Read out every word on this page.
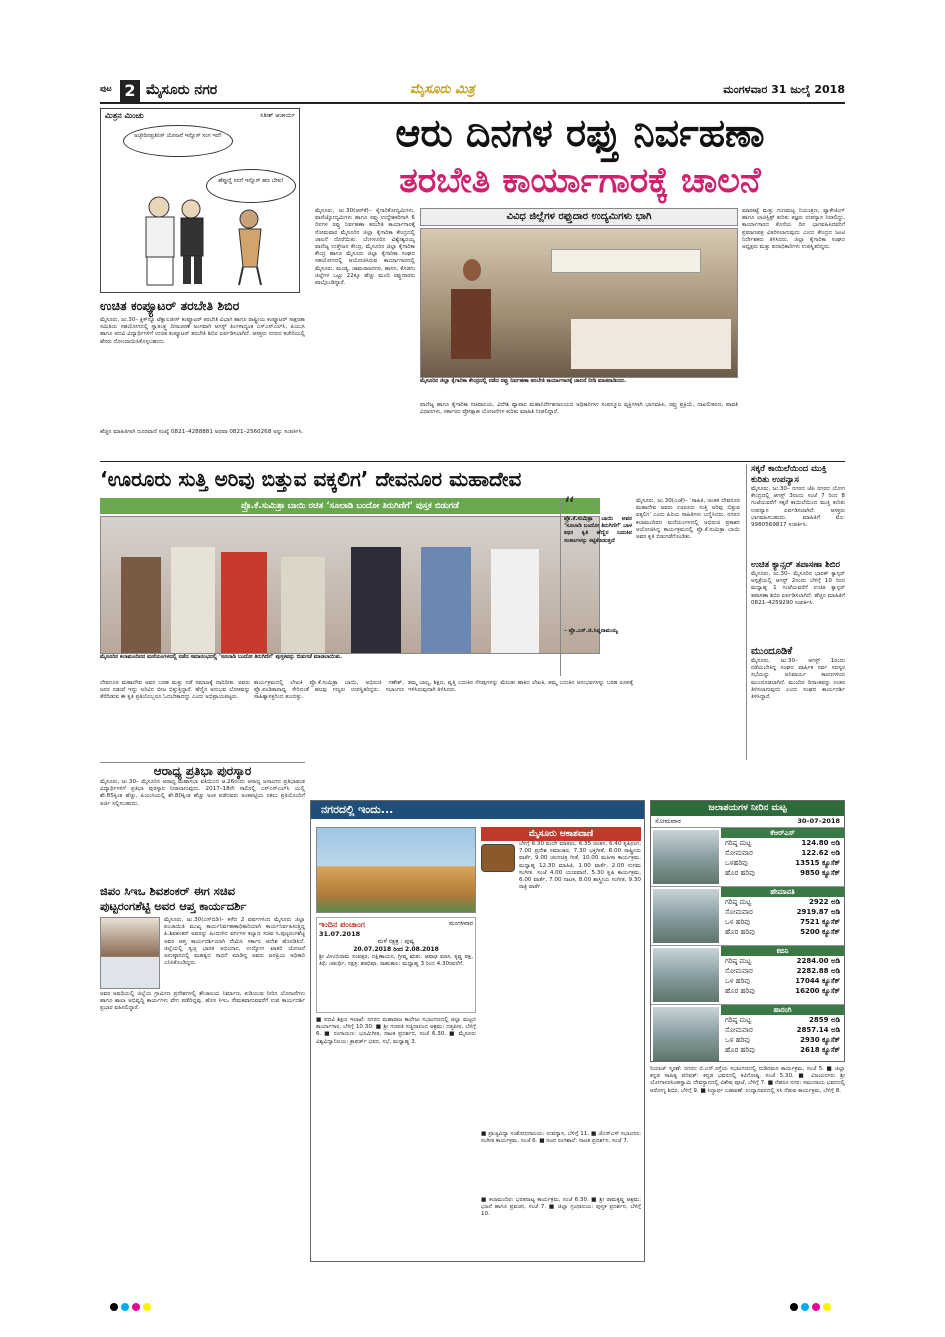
ಪುಟ 2 ಮೈಸೂರು ನಗರ	ಮೈಸೂರು ಮಿತ್ರ	ಮಂಗಳವಾರ 31 ಜುಲೈ 2018
ಮಿತ್ರನ ಮಿಂಚು	ಸತೀಶ್ ಆಚಾರ್ಯ
ಅಚ್ಛೇದಿನಪ್ರತಿನಿಸ್ ಯೋಜನೆ ಇನ್ನೊಸ್ ಸಂಗ ಇದೆ!
ಹೆಪ್ಪುಣ್ಣಿ ನನಗೆ ಇನ್ನೊಸ್ ಹಣ ಬೇಕು!
ಉಚಿತ ಕಂಪ್ಯೂಟರ್ ತರಬೇತಿ ಶಿಬಿರ
ಮೈಸೂರು, ಜು.30– ಕ್ಲಿಕ್‌ನ್ಯೂ ಟೆಕ್ನಾಲಜೀಸ್ ಕಂಪ್ಯೂಟರ್ ತರಬೇತಿ ವಿಭಾಗ ಹಾಗೂ ರಾಷ್ಟ್ರೀಯ ಕಂಪ್ಯೂಟರ್ ಸಾಕ್ಷರತಾ ಸಮಿತಿಯ ಸಹಯೋಗದಲ್ಲಿ ಸ್ವಾತಂತ್ರ್ಯ ದಿನಾಚರಣೆ ಅಂಗವಾಗಿ ಆಗಸ್ಟ್ ತಿಂಗಳಾದ್ಯಂತ ಎಸ್ಎಸ್ಎಲ್‌ಸಿ, ಪಿಯುಸಿ ಹಾಗೂ ಪದವಿ ವಿದ್ಯಾರ್ಥಿಗಳಿಗೆ ಉಚಿತ ಕಂಪ್ಯೂಟರ್ ತರಬೇತಿ ಶಿಬಿರ ಏರ್ಪಡಿಸಲಾಗಿದೆ. ಆಸಕ್ತರು ನಗರದ ಕಚೇರಿಯಲ್ಲಿ ಹೆಸರು ನೋಂದಾಯಿಸಿಕೊಳ್ಳಬಹುದು.
ಹೆಚ್ಚಿನ ಮಾಹಿತಿಗಾಗಿ ದೂರವಾಣಿ ಸಂಖ್ಯೆ 0821–4288881 ಅಥವಾ 0821–2560268 ಅನ್ನು ಸಂಪರ್ಕಿಸಿ.
ಆರು ದಿನಗಳ ರಫ್ತು ನಿರ್ವಹಣಾ
ತರಬೇತಿ ಕಾರ್ಯಾಗಾರಕ್ಕೆ ಚಾಲನೆ
ಮೈಸೂರು, ಜು.30(ಆರ್‌ಕೆ)– ಕೈಗಾರಿಕೋದ್ಯಮಿಗಳು, ವಾಣಿಜ್ಯೋದ್ಯಮಿಗಳು ಹಾಗೂ ರಫ್ತು ಉದ್ದೇಶಕರಿಗಾಗಿ 6 ದಿನಗಳ ರಫ್ತು ನಿರ್ವಹಣಾ ತರಬೇತಿ ಕಾರ್ಯಾಗಾರಕ್ಕೆ ಸೋಮವಾರ ಮೈಸೂರಿನ ಜಿಲ್ಲಾ ಕೈಗಾರಿಕಾ ಕೇಂದ್ರದಲ್ಲಿ ಚಾಲನೆ ದೊರೆಯಿತು. ಬೆಂಗಳೂರಿನ ವಿಶ್ವೇಶ್ವರಯ್ಯ ವಾಣಿಜ್ಯ ಉತ್ತೇಜನ ಕೇಂದ್ರ, ಮೈಸೂರಿನ ಜಿಲ್ಲಾ ಕೈಗಾರಿಕಾ ಕೇಂದ್ರ ಹಾಗೂ ಮೈಸೂರು ಜಿಲ್ಲಾ ಕೈಗಾರಿಕಾ ಸಂಘದ ಸಹಯೋಗದಲ್ಲಿ ಆಯೋಜಿಸಿರುವ ಕಾರ್ಯಾಗಾರದಲ್ಲಿ ಮೈಸೂರು, ಮಂಡ್ಯ, ಚಾಮರಾಜನಗರ, ಹಾಸನ, ಕೊಡಗು ಜಿಲ್ಲೆಗಳ ಒಟ್ಟು 22ಕ್ಕೂ ಹೆಚ್ಚು ಮಂದಿ ರಫ್ತುದಾರರು ಪಾಲ್ಗೊಂಡಿದ್ದಾರೆ.
ವಿವಿಧ ಜಿಲ್ಲೆಗಳ ರಫ್ತುದಾರ ಉದ್ಯಮಿಗಳು ಭಾಗಿ
ಮೈಸೂರಿನ ಜಿಲ್ಲಾ ಕೈಗಾರಿಕಾ ಕೇಂದ್ರದಲ್ಲಿ ನಡೆದ ರಫ್ತು ನಿರ್ವಹಣಾ ತರಬೇತಿ ಕಾರ್ಯಾಗಾರಕ್ಕೆ ಚಾಲನೆ ನೀಡಿ ಮಾತನಾಡಿದರು.
ವಾಣಿಜ್ಯ ಹಾಗೂ ಕೈಗಾರಿಕಾ ಸಚಿವಾಲಯ, ವಿದೇಶಿ ವ್ಯಾಪಾರ ಮಹಾನಿರ್ದೇಶನಾಲಯದ ಅಧಿಕಾರಿಗಳು ಸಂಪನ್ಮೂಲ ವ್ಯಕ್ತಿಗಳಾಗಿ ಭಾಗವಹಿಸಿ, ರಫ್ತು ಪ್ರಕ್ರಿಯೆ, ದಾಖಲೀಕರಣ, ಪಾವತಿ ವಿಧಾನಗಳು, ಸರ್ಕಾರದ ಪ್ರೋತ್ಸಾಹ ಯೋಜನೆಗಳ ಕುರಿತು ಮಾಹಿತಿ ನೀಡಲಿದ್ದಾರೆ.
ಮಾರಕಟ್ಟೆ ಮತ್ತು ಗುಣಮಟ್ಟ ನಿಯಂತ್ರಣ, ಪ್ಯಾಕೇಜಿಂಗ್ ಹಾಗೂ ಲಾಜಿಸ್ಟಿಕ್ಸ್ ಕುರಿತು ತಜ್ಞರು ಉಪನ್ಯಾಸ ನೀಡಲಿದ್ದು, ಕಾರ್ಯಾಗಾರದ ಕೊನೆಯ ದಿನ ಭಾಗವಹಿಸಿದವರಿಗೆ ಪ್ರಮಾಣಪತ್ರ ವಿತರಿಸಲಾಗುವುದು ಎಂದು ಕೇಂದ್ರದ ಜಂಟಿ ನಿರ್ದೇಶಕರು ತಿಳಿಸಿದರು. ಜಿಲ್ಲಾ ಕೈಗಾರಿಕಾ ಸಂಘದ ಅಧ್ಯಕ್ಷರು ಮತ್ತು ಪದಾಧಿಕಾರಿಗಳು ಉಪಸ್ಥಿತರಿದ್ದರು.
‘ಊರೂರು ಸುತ್ತಿ ಅರಿವು ಬಿತ್ತುವ ವಕ್ಕಲಿಗ’ ದೇವನೂರ ಮಹಾದೇವ
ಪ್ರೊ.ಕೆ.ಸುಮಿತ್ರಾ ಬಾಯಿ ರಚಿತ ‘ಸೂಲಾಡಿ ಬಂದೋ ತಿರುಗಿಣಿಗೆ’ ಪುಸ್ತಕ ಬಿಡುಗಡೆ
ಮೈಸೂರಿನ ಕಲಾಮಂದಿರದ ಮನೆಯಂಗಳದಲ್ಲಿ ನಡೆದ ಸಮಾರಂಭದಲ್ಲಿ ‘ಸೂಲಾಡಿ ಬಂದೋ ತಿರುಗಿಣಿಗೆ’ ಪುಸ್ತಕವನ್ನು ಬಿಡುಗಡೆ ಮಾಡಲಾಯಿತು.
“
ಪ್ರೊ.ಕೆ.ಸುಮಿತ್ರಾ ಬಾಯಿ ಅವರ ‘ಸೂಲಾಡಿ ಬಂದೋ ತಿರುಗಿಣಿಗೆ’ ಬಾಳ ಕಥನ ಕೃತಿ ಹೆಣ್ಣಿನ ಬದುಕಿನ ಸಂಕಟಗಳನ್ನು ಕಟ್ಟಿಕೊಡುತ್ತದೆ
– ಪ್ರೊ.ಎಸ್.ಜಿ.ಸಿದ್ದರಾಮಯ್ಯ
ಮೈಸೂರು, ಜು.30(ಎಂಕೆ)– ‘ಸಾಹಿತಿ, ಚಿಂತಕ ದೇವನೂರ ಮಹಾದೇವ ಅವರು ಊರೂರು ಸುತ್ತಿ ಅರಿವು ಬಿತ್ತುವ ವಕ್ಕಲಿಗ’ ಎಂದು ಹಿರಿಯ ಸಾಹಿತಿಗಳು ಬಣ್ಣಿಸಿದರು. ನಗರದ ಕಲಾಮಂದಿರದ ಮನೆಯಂಗಳದಲ್ಲಿ ಅಭಿರುಚಿ ಪ್ರಕಾಶನ ಆಯೋಜಿಸಿದ್ದ ಕಾರ್ಯಕ್ರಮದಲ್ಲಿ ಪ್ರೊ.ಕೆ.ಸುಮಿತ್ರಾ ಬಾಯಿ ಅವರ ಕೃತಿ ಬಿಡುಗಡೆಗೊಂಡಿತು.
ದೇವನೂರ ಮಹಾದೇವ ಅವರ ಬರಹ ಮತ್ತು ನಡೆ ಸಮಾಜಕ್ಕೆ ದಾರಿದೀಪ. ಅವರು ಜನರ ನಡುವೆ ಇದ್ದು ಅರಿವಿನ ಬೀಜ ಬಿತ್ತುತ್ತಿದ್ದಾರೆ. ಹೆಣ್ಣಿನ ಅನುಭವ ಲೋಕವನ್ನು ತೆರೆದಿಡುವ ಈ ಕೃತಿ ಪ್ರತಿಯೊಬ್ಬರೂ ಓದಬೇಕಾದದ್ದು ಎಂದು ಅಭಿಪ್ರಾಯಪಟ್ಟರು.
ಕಾರ್ಯಕ್ರಮದಲ್ಲಿ ಲೇಖಕಿ ಪ್ರೊ.ಕೆ.ಸುಮಿತ್ರಾ ಬಾಯಿ, ಅಭಿರುಚಿ ಗಣೇಶ್, ಪ್ರೊ.ಪಂಡಿತಾರಾಧ್ಯ ಸೇರಿದಂತೆ ಹಲವು ಗಣ್ಯರು ಉಪಸ್ಥಿತರಿದ್ದರು. ಸಭಾಂಗಣ ಸಾಹಿತ್ಯಾಸಕ್ತರಿಂದ ತುಂಬಿತ್ತು.
ತಮ್ಮ ಬಾಲ್ಯ, ಶಿಕ್ಷಣ, ವೃತ್ತಿ ಬದುಕಿನ ನೆನಪುಗಳನ್ನು ಮೆಲುಕು ಹಾಕಿದ ಲೇಖಕಿ, ತಮ್ಮ ಬದುಕಿನ ಅನುಭವಗಳನ್ನು ಬರಹ ರೂಪಕ್ಕೆ ಇಳಿಸಿರುವುದಾಗಿ ತಿಳಿಸಿದರು.
ಸಕ್ಕರೆ ಕಾಯಿಲೆಯಿಂದ ಮುಕ್ತಿ ಕುರಿತು ಉಪನ್ಯಾಸ
ಮೈಸೂರು, ಜು.30– ನಗರದ ಜೆಪಿ ನಗರದ ಯೋಗ ಕೇಂದ್ರದಲ್ಲಿ ಆಗಸ್ಟ್ 3ರಂದು ಸಂಜೆ 7 ರಿಂದ 8 ಗಂಟೆಯವರೆಗೆ ಸಕ್ಕರೆ ಕಾಯಿಲೆಯಿಂದ ಮುಕ್ತಿ ಕುರಿತು ಉಪನ್ಯಾಸ ಏರ್ಪಡಿಸಲಾಗಿದೆ. ಆಸಕ್ತರು ಭಾಗವಹಿಸಬಹುದು. ಮಾಹಿತಿಗೆ ಮೊ: 9980569817 ಸಂಪರ್ಕಿಸಿ.
ಉಚಿತ ಕ್ಯಾನ್ಸರ್ ತಪಾಸಣಾ ಶಿಬಿರ
ಮೈಸೂರು, ಜು.30– ಮೈಸೂರಿನ ಭಾರತ್ ಕ್ಯಾನ್ಸರ್ ಆಸ್ಪತ್ರೆಯಲ್ಲಿ ಆಗಸ್ಟ್ 2ರಂದು ಬೆಳಿಗ್ಗೆ 10 ರಿಂದ ಮಧ್ಯಾಹ್ನ 1 ಗಂಟೆಯವರೆಗೆ ಉಚಿತ ಕ್ಯಾನ್ಸರ್ ತಪಾಸಣಾ ಶಿಬಿರ ಏರ್ಪಡಿಸಲಾಗಿದೆ. ಹೆಚ್ಚಿನ ಮಾಹಿತಿಗೆ 0821–4259290 ಸಂಪರ್ಕಿಸಿ.
ಮುಂದೂಡಿಕೆ
ಮೈಸೂರು, ಜು.30– ಆಗಸ್ಟ್ 1ರಂದು ನಡೆಯಬೇಕಿದ್ದ ಸಂಘದ ವಾರ್ಷಿಕ ಸರ್ವ ಸದಸ್ಯರ ಸಭೆಯನ್ನು ಅನಿವಾರ್ಯ ಕಾರಣಗಳಿಂದ ಮುಂದೂಡಲಾಗಿದೆ. ಮುಂದಿನ ದಿನಾಂಕವನ್ನು ನಂತರ ತಿಳಿಸಲಾಗುವುದು ಎಂದು ಸಂಘದ ಕಾರ್ಯದರ್ಶಿ ತಿಳಿಸಿದ್ದಾರೆ.
ಆರಾಧ್ಯ ಪ್ರತಿಭಾ ಪುರಸ್ಕಾರ
ಮೈಸೂರು, ಜು.30– ಮೈಸೂರಿನ ಆರಾಧ್ಯ ಮಹಾಸಭಾ ವತಿಯಿಂದ ಆ.26ರಂದು ಆರಾಧ್ಯ ಜನಾಂಗದ ಪ್ರತಿಭಾವಂತ ವಿದ್ಯಾರ್ಥಿಗಳಿಗೆ ಪ್ರತಿಭಾ ಪುರಸ್ಕಾರ ನೀಡಲಾಗುವುದು. 2017–18ನೇ ಸಾಲಿನಲ್ಲಿ ಎಸ್ಎಸ್ಎಲ್‌ಸಿ ಯಲ್ಲಿ ಶೇ.85ಕ್ಕಿಂತ ಹೆಚ್ಚು, ಪಿಯುಸಿಯಲ್ಲಿ ಶೇ.80ಕ್ಕಿಂತ ಹೆಚ್ಚು ಅಂಕ ಪಡೆದವರು ಅಂಕಪಟ್ಟಿಯ ನಕಲು ಪ್ರತಿಯೊಂದಿಗೆ ಅರ್ಜಿ ಸಲ್ಲಿಸಬಹುದು.
ಜಿಪಂ ಸಿಇಒ ಶಿವಶಂಕರ್ ಈಗ ಸಚಿವ
ಪುಟ್ಟರಂಗಶೆಟ್ಟಿ ಅವರ ಆಪ್ತ ಕಾರ್ಯದರ್ಶಿ
ಮೈಸೂರು, ಜು.30(ಎಸ್‌ಬಿಡಿ)– ಕಳೆದ 2 ವರ್ಷಗಳಿಂದ ಮೈಸೂರು ಜಿಲ್ಲಾ ಪಂಚಾಯಿತಿ ಮುಖ್ಯ ಕಾರ್ಯನಿರ್ವಹಣಾಧಿಕಾರಿಯಾಗಿ ಕಾರ್ಯನಿರ್ವಹಿಸುತ್ತಿದ್ದ ಪಿ.ಶಿವಶಂಕರ್ ಅವರನ್ನು ಹಿಂದುಳಿದ ವರ್ಗಗಳ ಕಲ್ಯಾಣ ಸಚಿವ ಸಿ.ಪುಟ್ಟರಂಗಶೆಟ್ಟಿ ಅವರ ಆಪ್ತ ಕಾರ್ಯದರ್ಶಿಯಾಗಿ ನೇಮಿಸಿ ಸರ್ಕಾರ ಆದೇಶ ಹೊರಡಿಸಿದೆ. ಜಿಲ್ಲೆಯಲ್ಲಿ ಸ್ವಚ್ಛ ಭಾರತ ಅಭಿಯಾನ, ಉದ್ಯೋಗ ಖಾತರಿ ಯೋಜನೆ ಅನುಷ್ಠಾನದಲ್ಲಿ ಮಹತ್ವದ ಸಾಧನೆ ಮಾಡಿದ್ದ ಅವರು ಜನಪ್ರಿಯ ಅಧಿಕಾರಿ ಎನಿಸಿಕೊಂಡಿದ್ದರು.
ಅವರ ಅವಧಿಯಲ್ಲಿ ಜಿಲ್ಲೆಯ ಗ್ರಾಮೀಣ ಪ್ರದೇಶಗಳಲ್ಲಿ ಶೌಚಾಲಯ ನಿರ್ಮಾಣ, ಕುಡಿಯುವ ನೀರಿನ ಯೋಜನೆಗಳು ಹಾಗೂ ಶಾಲಾ ಅಭಿವೃದ್ಧಿ ಕಾರ್ಯಗಳು ವೇಗ ಪಡೆದಿದ್ದವು. ಹೊಸ ಸಿಇಒ ನೇಮಕವಾಗುವವರೆಗೆ ಉಪ ಕಾರ್ಯದರ್ಶಿ ಪ್ರಭಾರ ವಹಿಸಲಿದ್ದಾರೆ.
ನಗರದಲ್ಲಿ ಇಂದು...
ಮೈಸೂರು ಆಕಾಶವಾಣಿ
ಬೆಳಿಗ್ಗೆ 6.30 ವಂದೇ ಮಾತರಂ, 6.35 ಚಿಂತನ, 6.40 ಕೃಷಿರಂಗ, 7.00 ಪ್ರದೇಶ ಸಮಾಚಾರ, 7.30 ಭಕ್ತಿಗೀತೆ, 8.00 ರಾಷ್ಟ್ರೀಯ ವಾರ್ತೆ, 9.00 ಚಲನಚಿತ್ರ ಗೀತೆ, 10.00 ಮಹಿಳಾ ಕಾರ್ಯಕ್ರಮ. ಮಧ್ಯಾಹ್ನ 12.30 ಮಾಹಿತಿ, 1.00 ವಾರ್ತೆ, 2.00 ಸುಗಮ ಸಂಗೀತ. ಸಂಜೆ 4.00 ಯುವವಾಣಿ, 5.30 ಕೃಷಿ ಕಾರ್ಯಕ್ರಮ, 6.00 ವಾರ್ತೆ, 7.00 ನಾಟಕ, 8.00 ಶಾಸ್ತ್ರೀಯ ಸಂಗೀತ, 9.30 ರಾತ್ರಿ ವಾರ್ತೆ.
ಇಂದಿನ ಪಂಚಾಂಗ	ಮಂಗಳವಾರ
31.07.2018
ಮಳೆ ನಕ್ಷತ್ರ : ಪುಷ್ಯ
20.07.2018 ರಿಂದ 2.08.2018
ಶ್ರೀ ವಿಳಂಬಿನಾಮ ಸಂವತ್ಸರ, ದಕ್ಷಿಣಾಯನ, ಗ್ರೀಷ್ಮ ಋತು, ಆಷಾಢ ಮಾಸ, ಕೃಷ್ಣ ಪಕ್ಷ, ತಿಥಿ: ಚತುರ್ಥಿ, ನಕ್ಷತ್ರ: ಶತಭಿಷಾ. ರಾಹುಕಾಲ: ಮಧ್ಯಾಹ್ನ 3 ರಿಂದ 4.30ರವರೆಗೆ.
■ ಪದವಿ ಶಿಕ್ಷಣ ಇಲಾಖೆ: ನಗರದ ಮಹಾರಾಜ ಕಾಲೇಜು ಸಭಾಂಗಣದಲ್ಲಿ ಜಿಲ್ಲಾ ಮಟ್ಟದ ಕಾರ್ಯಾಗಾರ, ಬೆಳಿಗ್ಗೆ 10.30. ■ ಶ್ರೀ ಗಣಪತಿ ಸಚ್ಚಿದಾನಂದ ಆಶ್ರಮ: ದತ್ತಪೀಠ, ಬೆಳಿಗ್ಗೆ 6. ■ ರಂಗಾಯಣ: ಭೂಮಿಗೀತ, ನಾಟಕ ಪ್ರದರ್ಶನ, ಸಂಜೆ 6.30. ■ ಮೈಸೂರು ವಿಶ್ವವಿದ್ಯಾನಿಲಯ: ಕ್ರಾಫರ್ಡ್ ಭವನ, ಸಭೆ, ಮಧ್ಯಾಹ್ನ 3.
■ ಪ್ರಾಚ್ಯವಿದ್ಯಾ ಸಂಶೋಧನಾಲಯ: ಉಪನ್ಯಾಸ, ಬೆಳಿಗ್ಗೆ 11. ■ ಜೆಎಸ್ಎಸ್ ಸಭಾಂಗಣ: ಸಂಗೀತ ಕಾರ್ಯಕ್ರಮ, ಸಂಜೆ 6. ■ ನಟನ ರಂಗಶಾಲೆ: ನಾಟಕ ಪ್ರದರ್ಶನ, ಸಂಜೆ 7.
■ ಕಲಾಮಂದಿರ: ಭರತನಾಟ್ಯ ಕಾರ್ಯಕ್ರಮ, ಸಂಜೆ 6.30. ■ ಶ್ರೀ ರಾಮಕೃಷ್ಣ ಆಶ್ರಮ: ಭಜನೆ ಹಾಗೂ ಪ್ರವಚನ, ಸಂಜೆ 7. ■ ಜಿಲ್ಲಾ ಗ್ರಂಥಾಲಯ: ಪುಸ್ತಕ ಪ್ರದರ್ಶನ, ಬೆಳಿಗ್ಗೆ 10.
ಜಲಾಶಯಗಳ ನೀರಿನ ಮಟ್ಟ
ಸೋಮವಾರ	30–07–2018
ಕೆಆರ್‌ಎಸ್
ಗರಿಷ್ಠ ಮಟ್ಟ	124.80 ಅಡಿ
ಸೋಮವಾರ	122.62 ಅಡಿ
ಒಳಹರಿವು	13515 ಕ್ಯೂಸೆಕ್
ಹೊರ ಹರಿವು	9850 ಕ್ಯೂಸೆಕ್
ಹೇಮಾವತಿ
ಗರಿಷ್ಠ ಮಟ್ಟ	2922 ಅಡಿ
ಸೋಮವಾರ	2919.87 ಅಡಿ
ಒಳ ಹರಿವು	7521 ಕ್ಯೂಸೆಕ್
ಹೊರ ಹರಿವು	5200 ಕ್ಯೂಸೆಕ್
ಕಬಿನಿ
ಗರಿಷ್ಠ ಮಟ್ಟ	2284.00 ಅಡಿ
ಸೋಮವಾರ	2282.88 ಅಡಿ
ಒಳ ಹರಿವು	17044 ಕ್ಯೂಸೆಕ್
ಹೊರ ಹರಿವು	16200 ಕ್ಯೂಸೆಕ್
ಹಾರಂಗಿ
ಗರಿಷ್ಠ ಮಟ್ಟ	2859 ಅಡಿ
ಸೋಮವಾರ	2857.14 ಅಡಿ
ಒಳ ಹರಿವು	2930 ಕ್ಯೂಸೆಕ್
ಹೊರ ಹರಿವು	2618 ಕ್ಯೂಸೆಕ್
ರಿಯಾಜ್ ಸ್ಮರಣೆ: ನಗರದ ಬಿ.ಎನ್.ರಸ್ತೆಯ ಸಭಾಂಗಣದಲ್ಲಿ ನುಡಿನಮನ ಕಾರ್ಯಕ್ರಮ, ಸಂಜೆ 5. ■ ಜಿಲ್ಲಾ ಕನ್ನಡ ಸಾಹಿತ್ಯ ಪರಿಷತ್: ಕನ್ನಡ ಭವನದಲ್ಲಿ ಕವಿಗೋಷ್ಠಿ, ಸಂಜೆ 5.30. ■ ವಿಜಯನಗರ: ಶ್ರೀ ಯೋಗಾನರಸಿಂಹಸ್ವಾಮಿ ದೇವಸ್ಥಾನದಲ್ಲಿ ವಿಶೇಷ ಪೂಜೆ, ಬೆಳಿಗ್ಗೆ 7. ■ ನೆಹರೂ ನಗರ: ಸಮುದಾಯ ಭವನದಲ್ಲಿ ಆರೋಗ್ಯ ಶಿಬಿರ, ಬೆಳಿಗ್ಗೆ 9. ■ ಸಿದ್ಧಾರ್ಥ ಬಡಾವಣೆ: ಉದ್ಯಾನವನದಲ್ಲಿ ಸಸಿ ನೆಡುವ ಕಾರ್ಯಕ್ರಮ, ಬೆಳಿಗ್ಗೆ 8.
